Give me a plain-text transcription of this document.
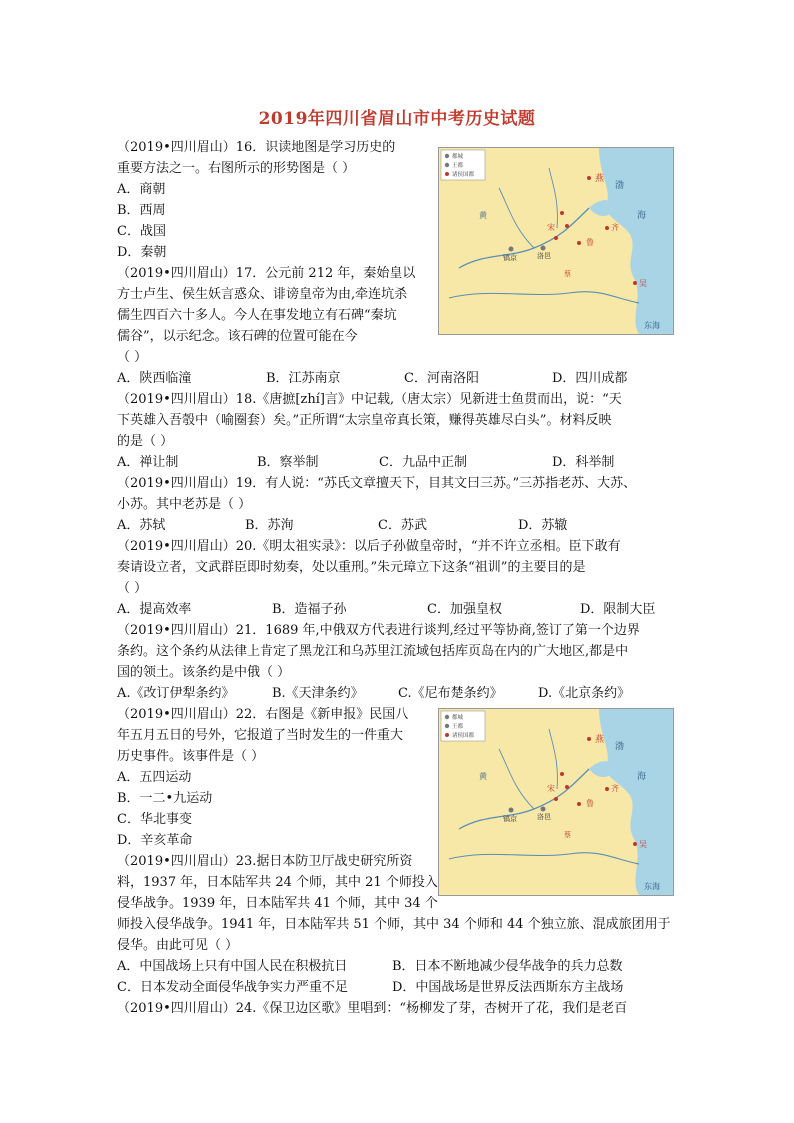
2019年四川省眉山市中考历史试题
（2019•四川眉山）16．识读地图是学习历史的
重要方法之一。右图所示的形势图是（ ）
A．商朝
B．西周
C．战国
D．秦朝
（2019•四川眉山）17．公元前 212 年，秦始皇以
方士卢生、侯生妖言惑众、诽谤皇帝为由,牵连坑杀
儒生四百六十多人。今人在事发地立有石碑“秦坑
儒谷”，以示纪念。该石碑的位置可能在今
（ ）
A．陕西临潼	B．江苏南京	C．河南洛阳	D．四川成都
（2019•四川眉山）18.《唐摭[zhí]言》中记载,（唐太宗）见新进士鱼贯而出，说：“天
下英雄入吾彀中（喻圈套）矣。”正所谓“太宗皇帝真长策，赚得英雄尽白头”。材料反映
的是（ ）
A．禅让制	B．察举制	C．九品中正制	D．科举制
（2019•四川眉山）19．有人说：“苏氏文章擅天下，目其文曰三苏。”三苏指老苏、大苏、
小苏。其中老苏是（ ）
A．苏轼	B．苏洵	C．苏武	D．苏辙
（2019•四川眉山）20.《明太祖实录》：以后子孙做皇帝时，“并不许立丞相。臣下敢有
奏请设立者，文武群臣即时劾奏，处以重刑。”朱元璋立下这条“祖训”的主要目的是
（ ）
A．提高效率	B．造福子孙	C．加强皇权	D．限制大臣
（2019•四川眉山）21．1689 年,中俄双方代表进行谈判,经过平等协商,签订了第一个边界
条约。这个条约从法律上肯定了黑龙江和乌苏里江流域包括库页岛在内的广大地区,都是中
国的领土。该条约是中俄（ ）
A.《改订伊犁条约》	B.《天津条约》	C.《尼布楚条约》	D.《北京条约》
（2019•四川眉山）22．右图是《新申报》民国八
年五月五日的号外，它报道了当时发生的一件重大
历史事件。该事件是（ ）
A．五四运动
B．一二•九运动
C．华北事变
D．辛亥革命
（2019•四川眉山）23.据日本防卫厅战史研究所资
料，1937 年，日本陆军共 24 个师，其中 21 个师投入
侵华战争。1939 年，日本陆军共 41 个师，其中 34 个
师投入侵华战争。1941 年，日本陆军共 51 个师，其中 34 个师和 44 个独立旅、混成旅团用于
侵华。由此可见（ ）
A．中国战场上只有中国人民在积极抗日	B．日本不断地减少侵华战争的兵力总数
C．日本发动全面侵华战争实力严重不足	D．中国战场是世界反法西斯东方主战场
（2019•四川眉山）24.《保卫边区歌》里唱到：“杨柳发了芽，杏树开了花，我们是老百
都城
王都
诸侯国都	燕
渤
海
齐
鲁
宋
洛邑
镐京
黄
吴
蔡
东海
都城
王都
诸侯国都	燕
渤
海
齐
鲁
宋
洛邑
镐京
黄
吴
蔡
东海
